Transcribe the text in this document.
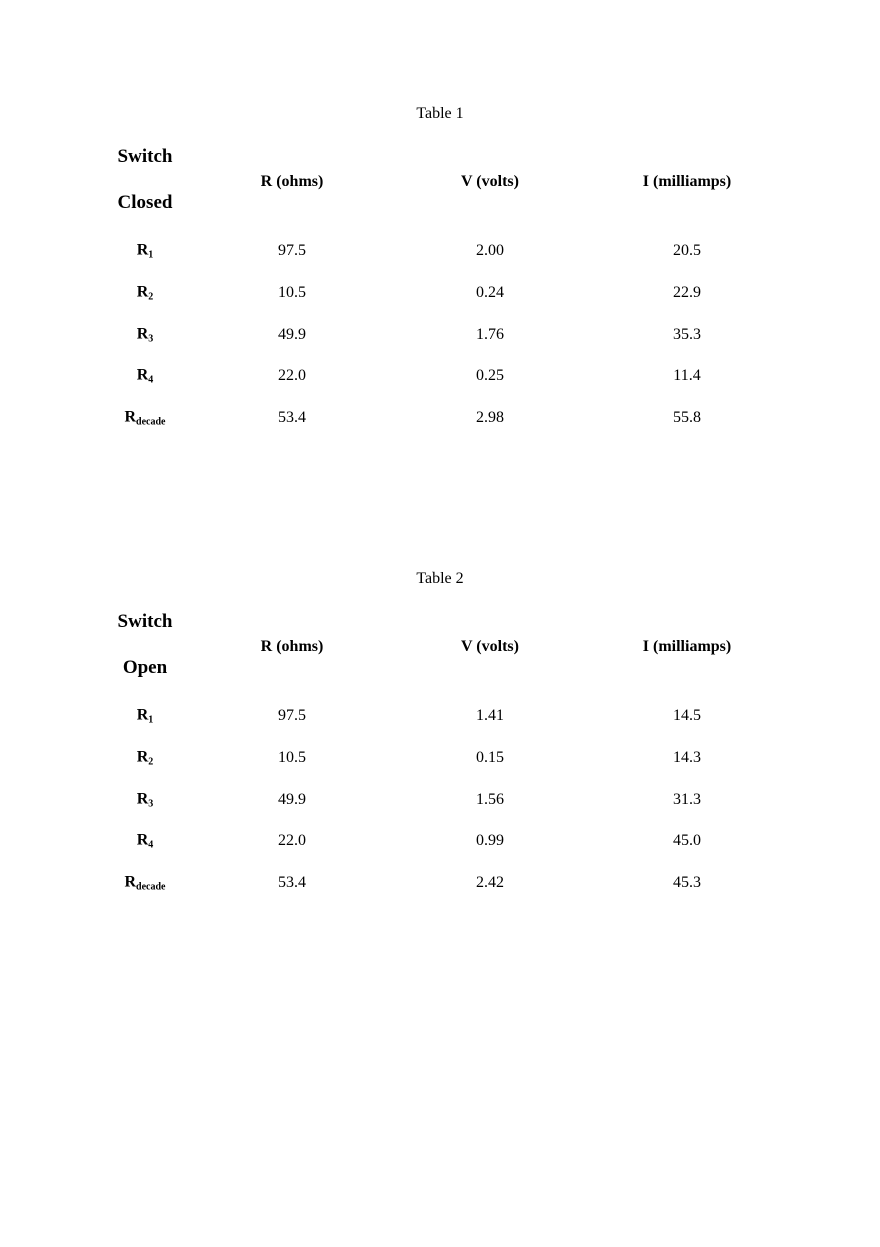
Table 1
Switch
Closed
R (ohms)	V (volts)	I (milliamps)
$R_1$	97.5	2.00	20.5
$R_2$	10.5	0.24	22.9
$R_3$	49.9	1.76	35.3
$R_4$	22.0	0.25	11.4
$R_{decade}$	53.4	2.98	55.8
Table 2
Switch
Open
R (ohms)	V (volts)	I (milliamps)
$R_1$	97.5	1.41	14.5
$R_2$	10.5	0.15	14.3
$R_3$	49.9	1.56	31.3
$R_4$	22.0	0.99	45.0
$R_{decade}$	53.4	2.42	45.3
